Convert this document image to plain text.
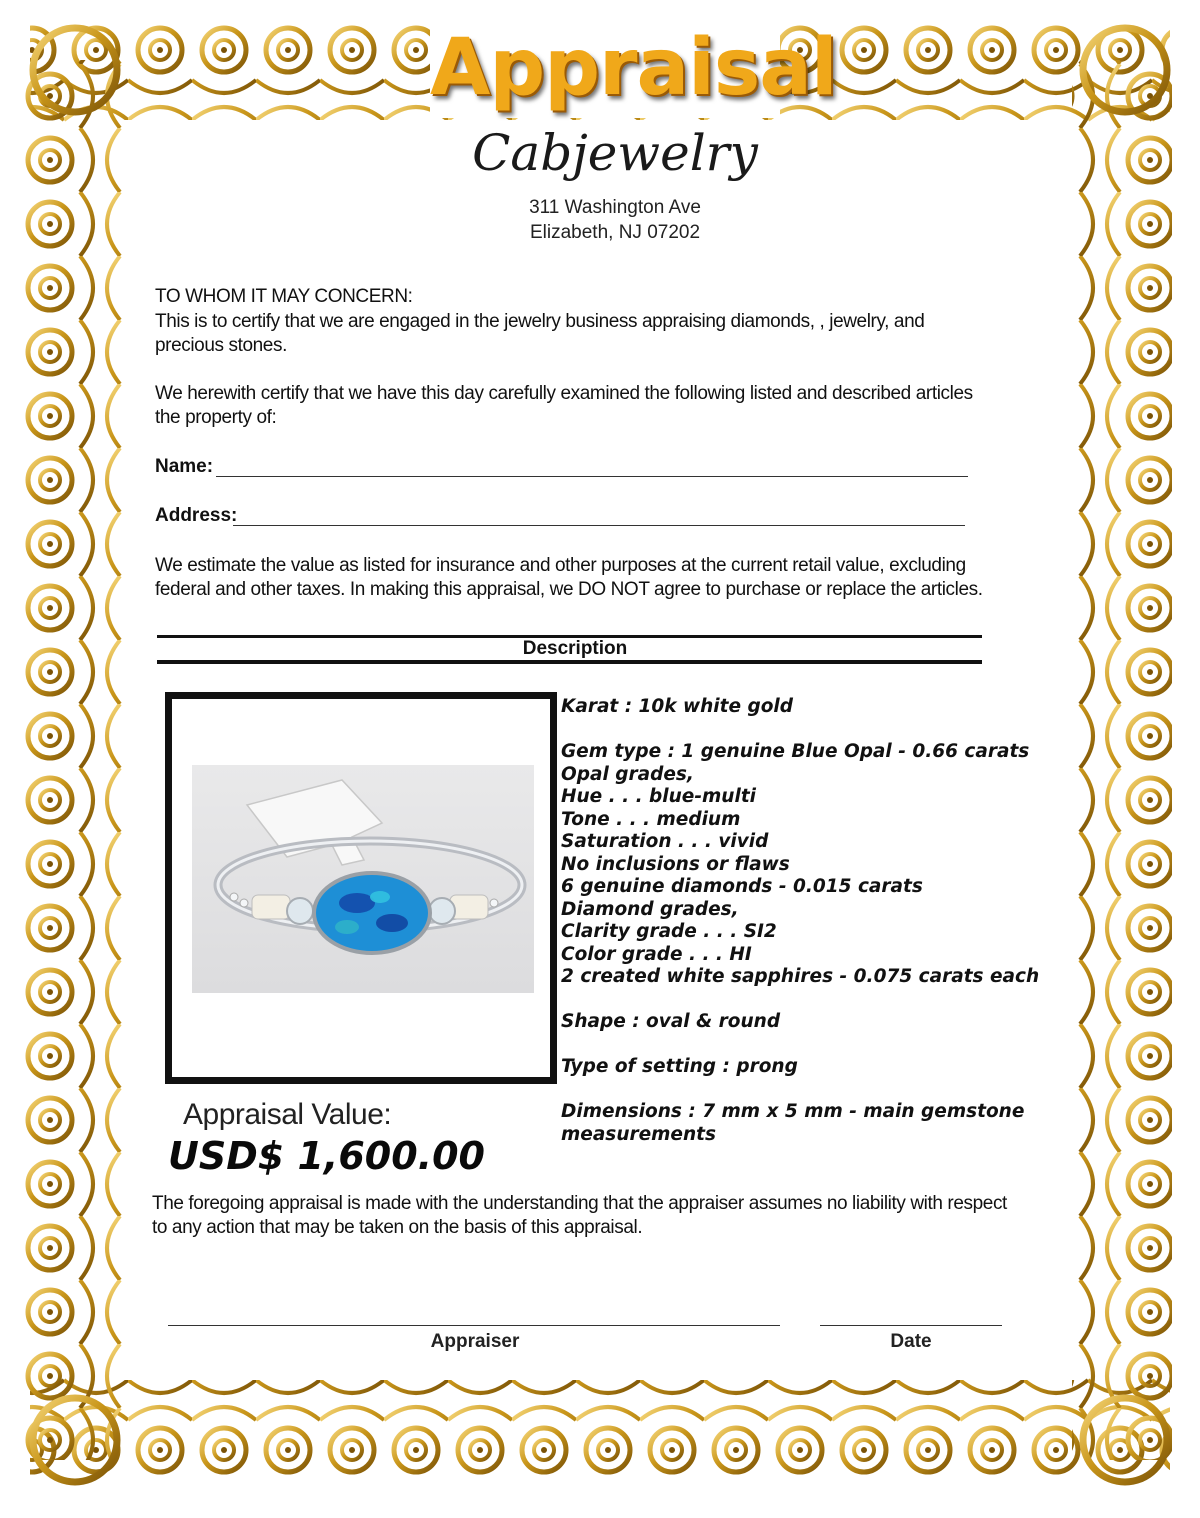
Appraisal
Cabjewelry
311 Washington Ave
Elizabeth, NJ 07202
TO WHOM IT MAY CONCERN:
This is to certify that we are engaged in the jewelry business appraising diamonds, , jewelry, and precious stones.
We herewith certify that we have this day carefully examined the following listed and described articles the property of:
Name:
Address:
We estimate the value as listed for insurance and other purposes at the current retail value, excluding federal and other taxes. In making this appraisal, we DO NOT agree to purchase or replace the articles.
Description
Karat : 10k white gold
Gem type : 1 genuine Blue Opal - 0.66 carats
Opal grades,
Hue . . . blue-multi
Tone . . . medium
Saturation . . . vivid
No inclusions or flaws
6 genuine diamonds - 0.015 carats
Diamond grades,
Clarity grade . . . SI2
Color grade . . . HI
2 created white sapphires - 0.075 carats each
Shape : oval & round
Type of setting : prong
Dimensions : 7 mm x 5 mm - main gemstone
measurements
Appraisal Value:
USD$ 1,600.00
The foregoing appraisal is made with the understanding that the appraiser assumes no liability with respect to any action that may be taken on the basis of this appraisal.
Appraiser	Date
